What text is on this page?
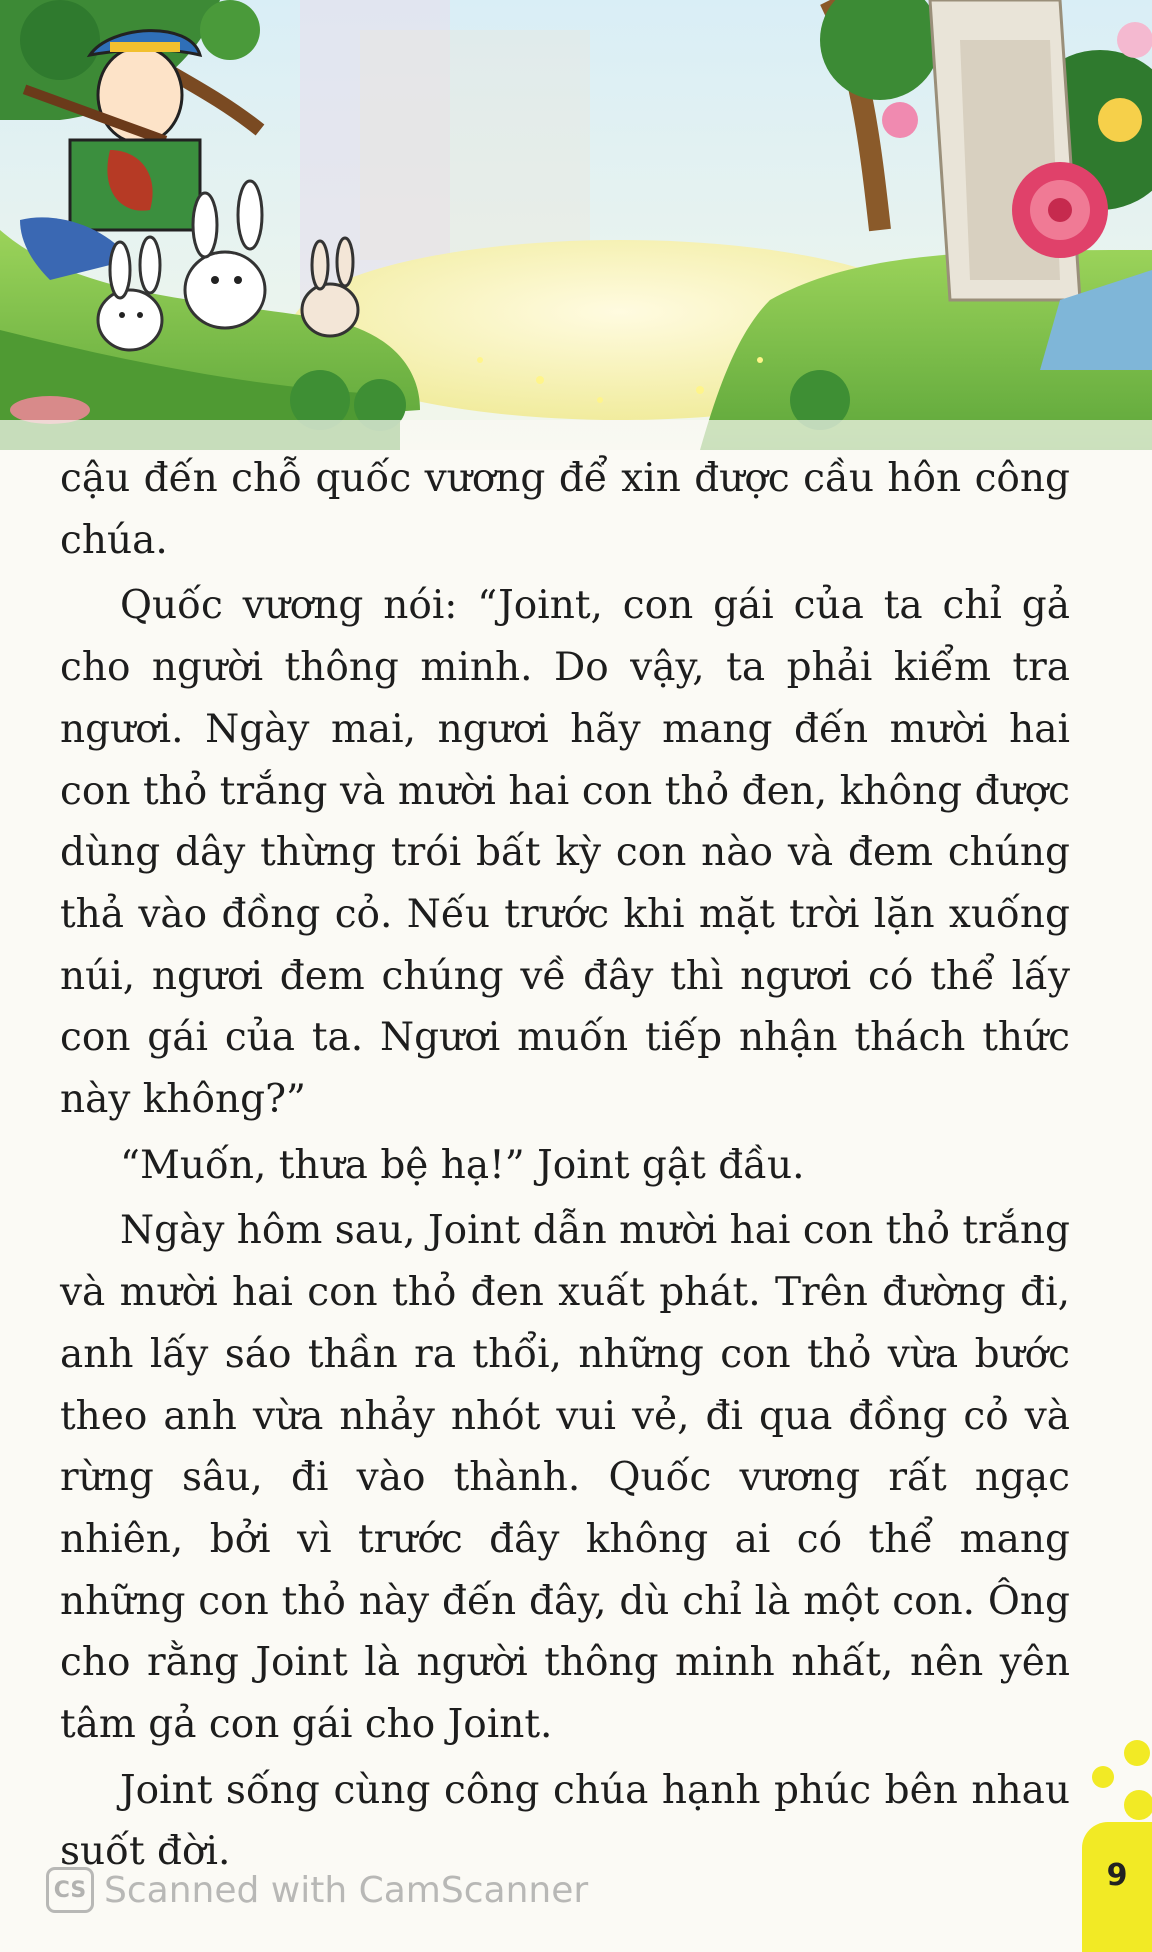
cậu đến chỗ quốc vương để xin được cầu hôn công chúa.

Quốc vương nói: “Joint, con gái của ta chỉ gả cho người thông minh. Do vậy, ta phải kiểm tra ngươi. Ngày mai, ngươi hãy mang đến mười hai con thỏ trắng và mười hai con thỏ đen, không được dùng dây thừng trói bất kỳ con nào và đem chúng thả vào đồng cỏ. Nếu trước khi mặt trời lặn xuống núi, ngươi đem chúng về đây thì ngươi có thể lấy con gái của ta. Ngươi muốn tiếp nhận thách thức này không?”

“Muốn, thưa bệ hạ!” Joint gật đầu.

Ngày hôm sau, Joint dẫn mười hai con thỏ trắng và mười hai con thỏ đen xuất phát. Trên đường đi, anh lấy sáo thần ra thổi, những con thỏ vừa bước theo anh vừa nhảy nhót vui vẻ, đi qua đồng cỏ và rừng sâu, đi vào thành. Quốc vương rất ngạc nhiên, bởi vì trước đây không ai có thể mang những con thỏ này đến đây, dù chỉ là một con. Ông cho rằng Joint là người thông minh nhất, nên yên tâm gả con gái cho Joint.

Joint sống cùng công chúa hạnh phúc bên nhau suốt đời.

9
CS Scanned with CamScanner
